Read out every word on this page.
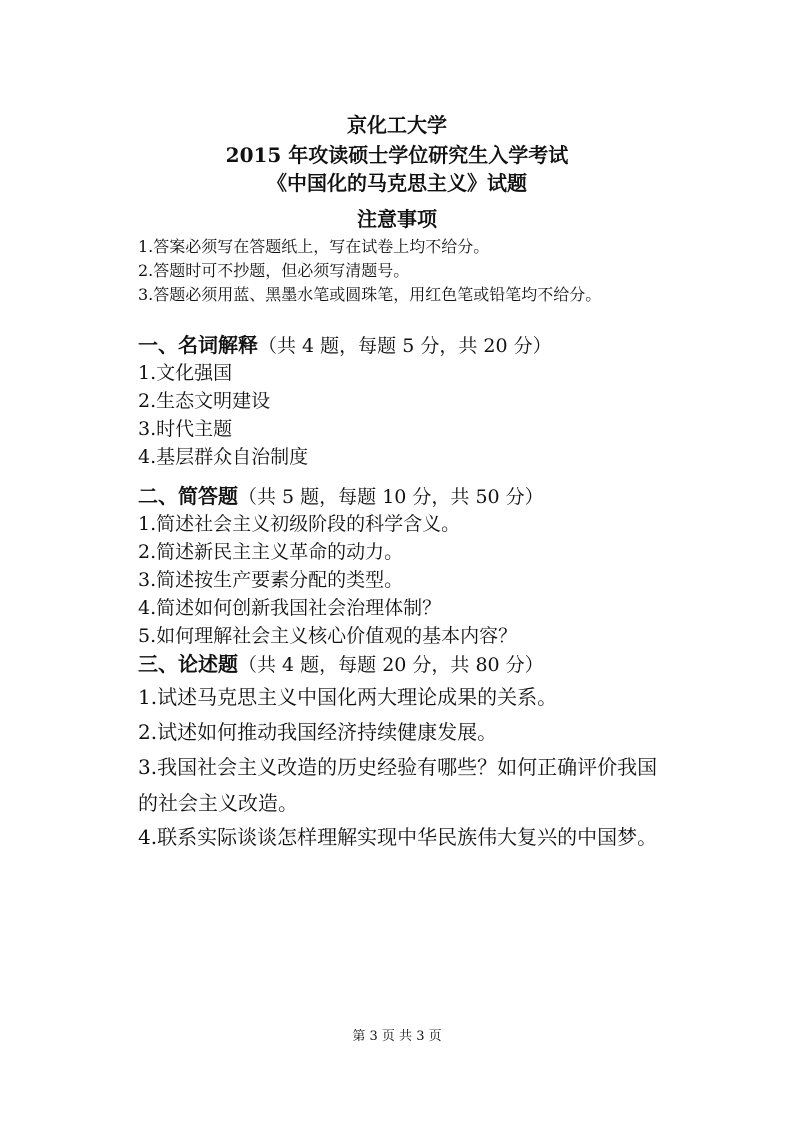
京化工大学
2015 年攻读硕士学位研究生入学考试
《中国化的马克思主义》试题
注意事项
1.答案必须写在答题纸上，写在试卷上均不给分。
2.答题时可不抄题，但必须写清题号。
3.答题必须用蓝、黑墨水笔或圆珠笔，用红色笔或铅笔均不给分。
一、名词解释（共 4 题，每题 5 分，共 20 分）
1.文化强国
2.生态文明建设
3.时代主题
4.基层群众自治制度
二、简答题（共 5 题，每题 10 分，共 50 分）
1.简述社会主义初级阶段的科学含义。
2.简述新民主主义革命的动力。
3.简述按生产要素分配的类型。
4.简述如何创新我国社会治理体制？
5.如何理解社会主义核心价值观的基本内容？
三、论述题（共 4 题，每题 20 分，共 80 分）
1.试述马克思主义中国化两大理论成果的关系。
2.试述如何推动我国经济持续健康发展。
3.我国社会主义改造的历史经验有哪些？如何正确评价我国的社会主义改造。
4.联系实际谈谈怎样理解实现中华民族伟大复兴的中国梦。
第 3 页 共 3 页
